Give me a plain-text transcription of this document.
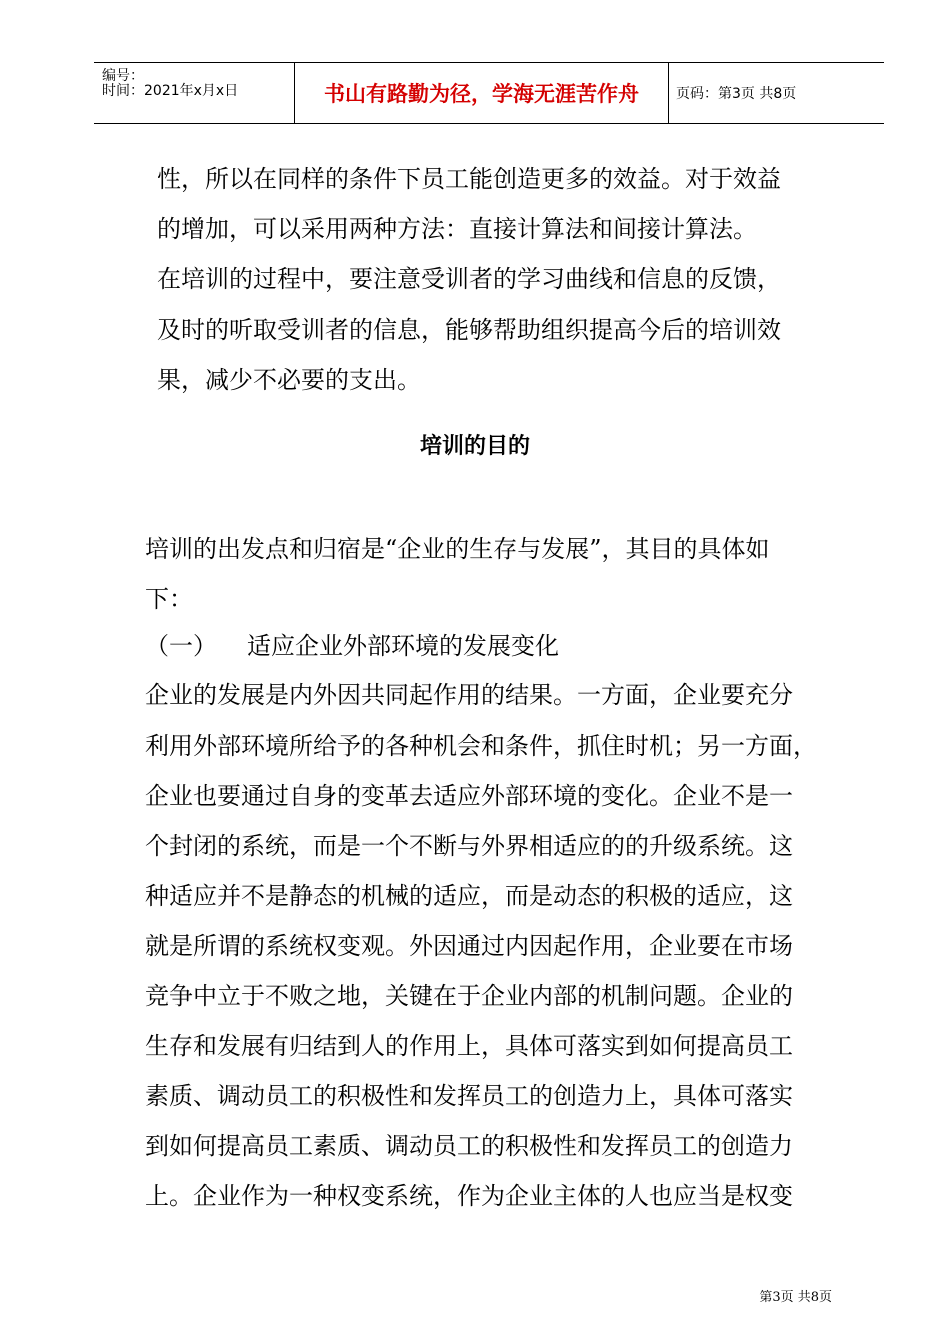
编号：
时间：2021年x月x日	书山有路勤为径，学海无涯苦作舟	页码：第3页 共8页
性，所以在同样的条件下员工能创造更多的效益。对于效益
的增加，可以采用两种方法：直接计算法和间接计算法。
在培训的过程中，要注意受训者的学习曲线和信息的反馈，
及时的听取受训者的信息，能够帮助组织提高今后的培训效
果，减少不必要的支出。
培训的目的
培训的出发点和归宿是“企业的生存与发展”，其目的具体如
下：
（一） 适应企业外部环境的发展变化
企业的发展是内外因共同起作用的结果。一方面，企业要充分
利用外部环境所给予的各种机会和条件，抓住时机；另一方面，
企业也要通过自身的变革去适应外部环境的变化。企业不是一
个封闭的系统，而是一个不断与外界相适应的的升级系统。这
种适应并不是静态的机械的适应，而是动态的积极的适应，这
就是所谓的系统权变观。外因通过内因起作用，企业要在市场
竞争中立于不败之地，关键在于企业内部的机制问题。企业的
生存和发展有归结到人的作用上，具体可落实到如何提高员工
素质、调动员工的积极性和发挥员工的创造力上，具体可落实
到如何提高员工素质、调动员工的积极性和发挥员工的创造力
上。企业作为一种权变系统，作为企业主体的人也应当是权变
第3页 共8页
